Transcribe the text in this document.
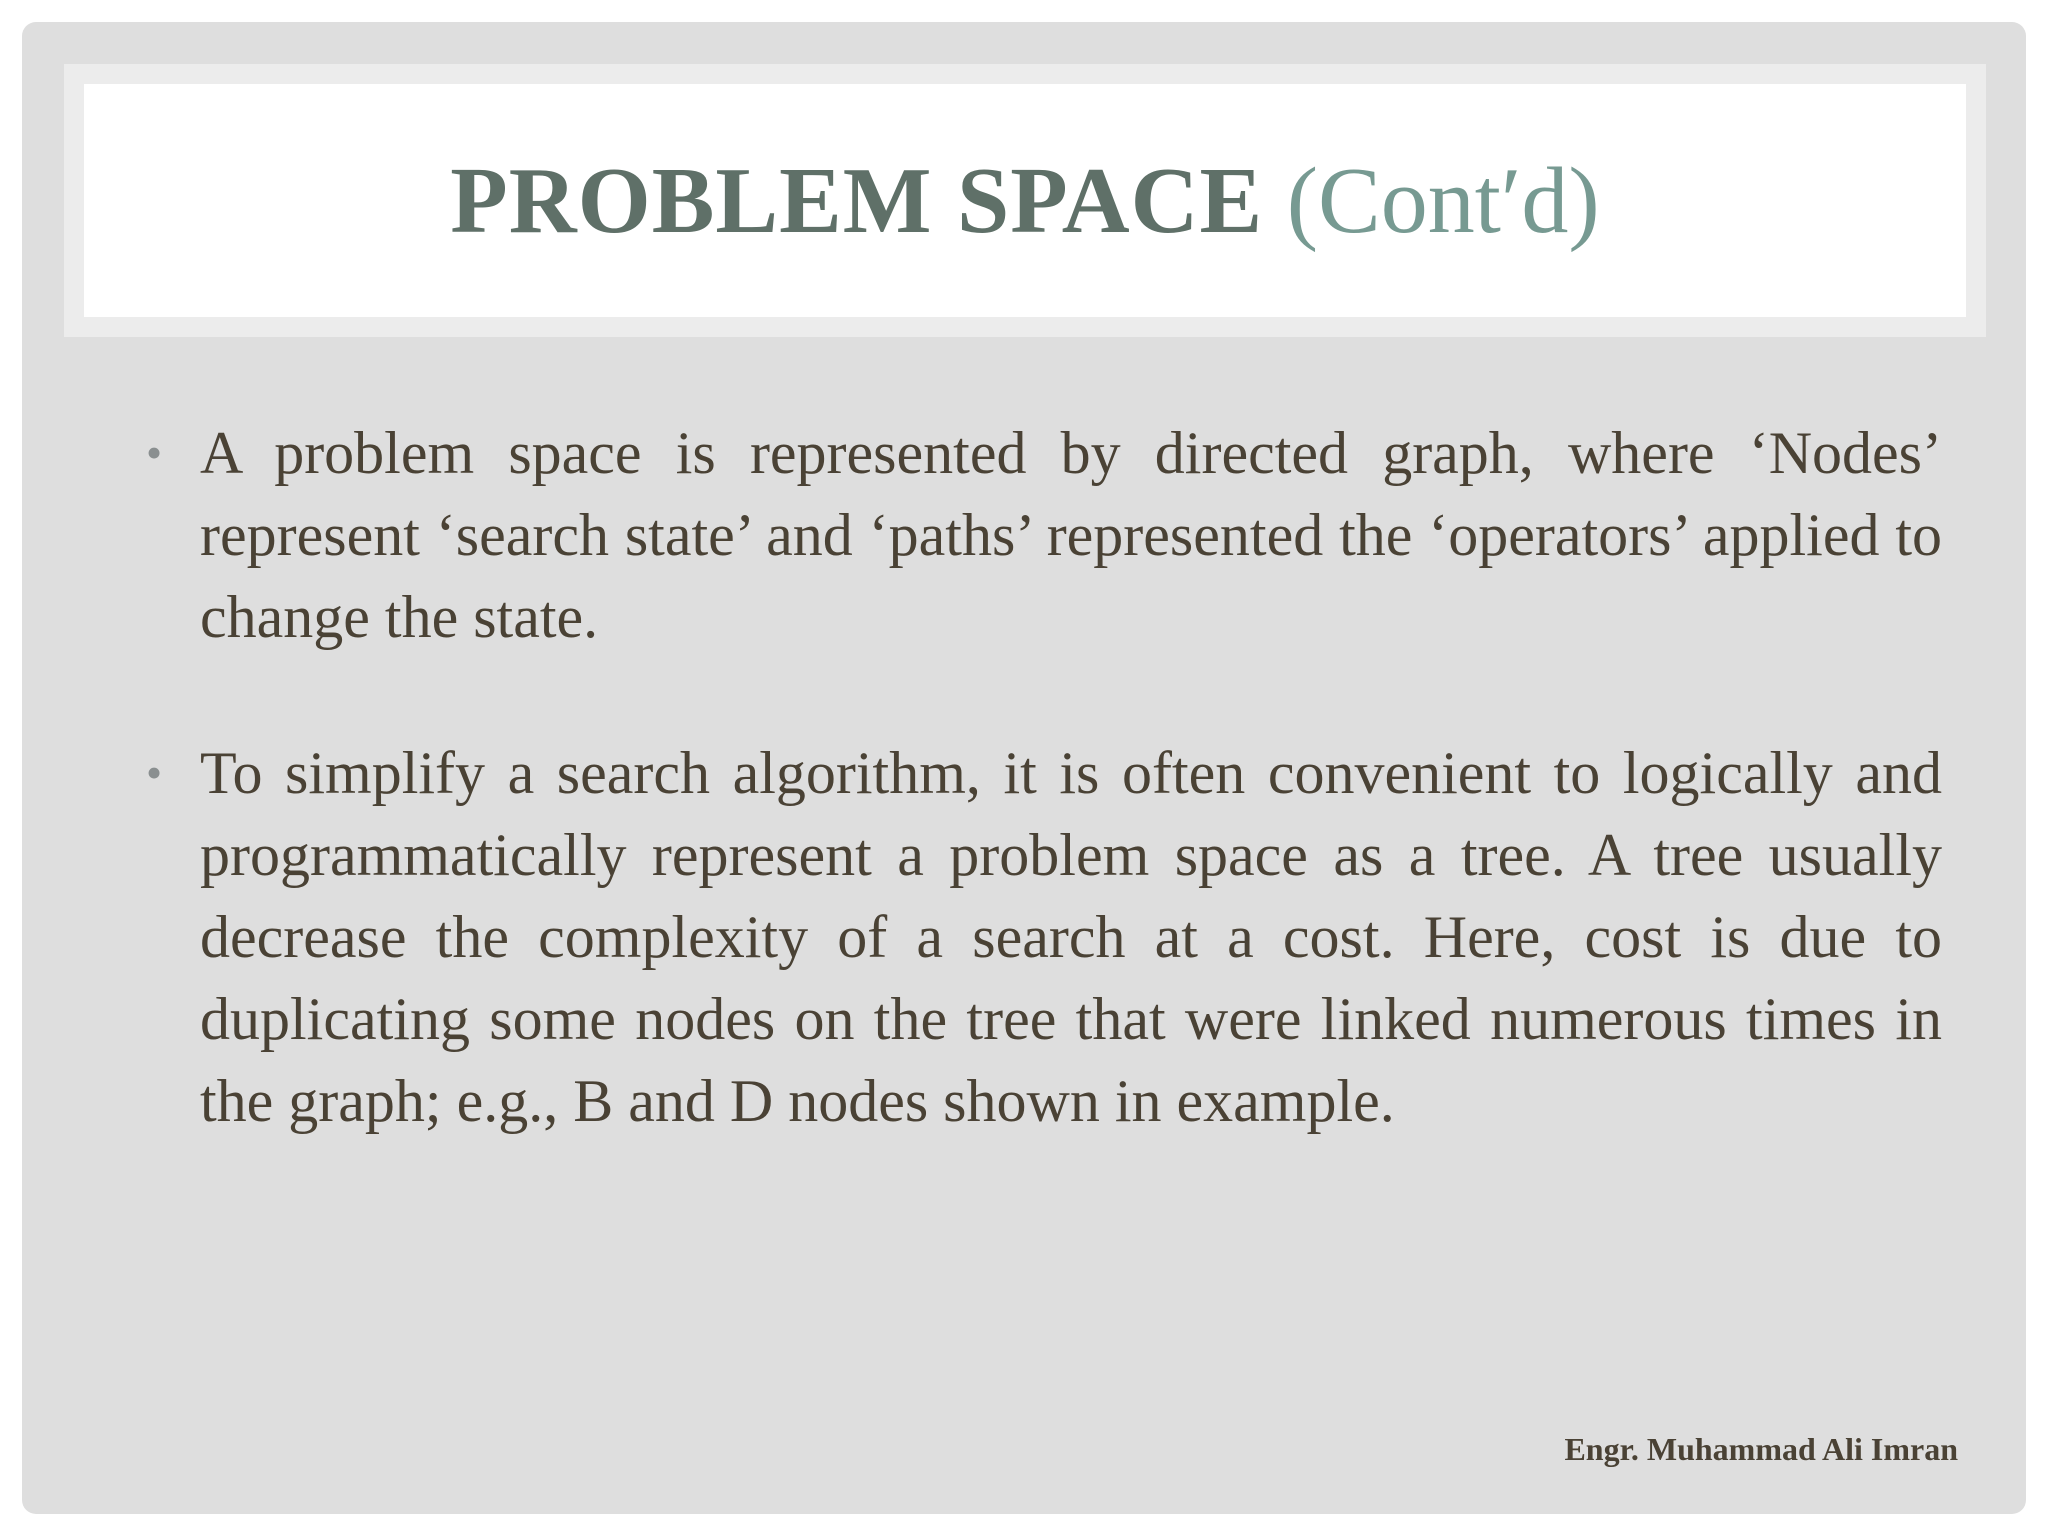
PROBLEM SPACE (Cont′d)

• A problem space is represented by directed graph, where ‘Nodes’ represent ‘search state’ and ‘paths’ represented the ‘operators’ applied to change the state.

• To simplify a search algorithm, it is often convenient to logically and programmatically represent a problem space as a tree. A tree usually decrease the complexity of a search at a cost. Here, cost is due to duplicating some nodes on the tree that were linked numerous times in the graph; e.g., B and D nodes shown in example.

Engr. Muhammad Ali Imran
